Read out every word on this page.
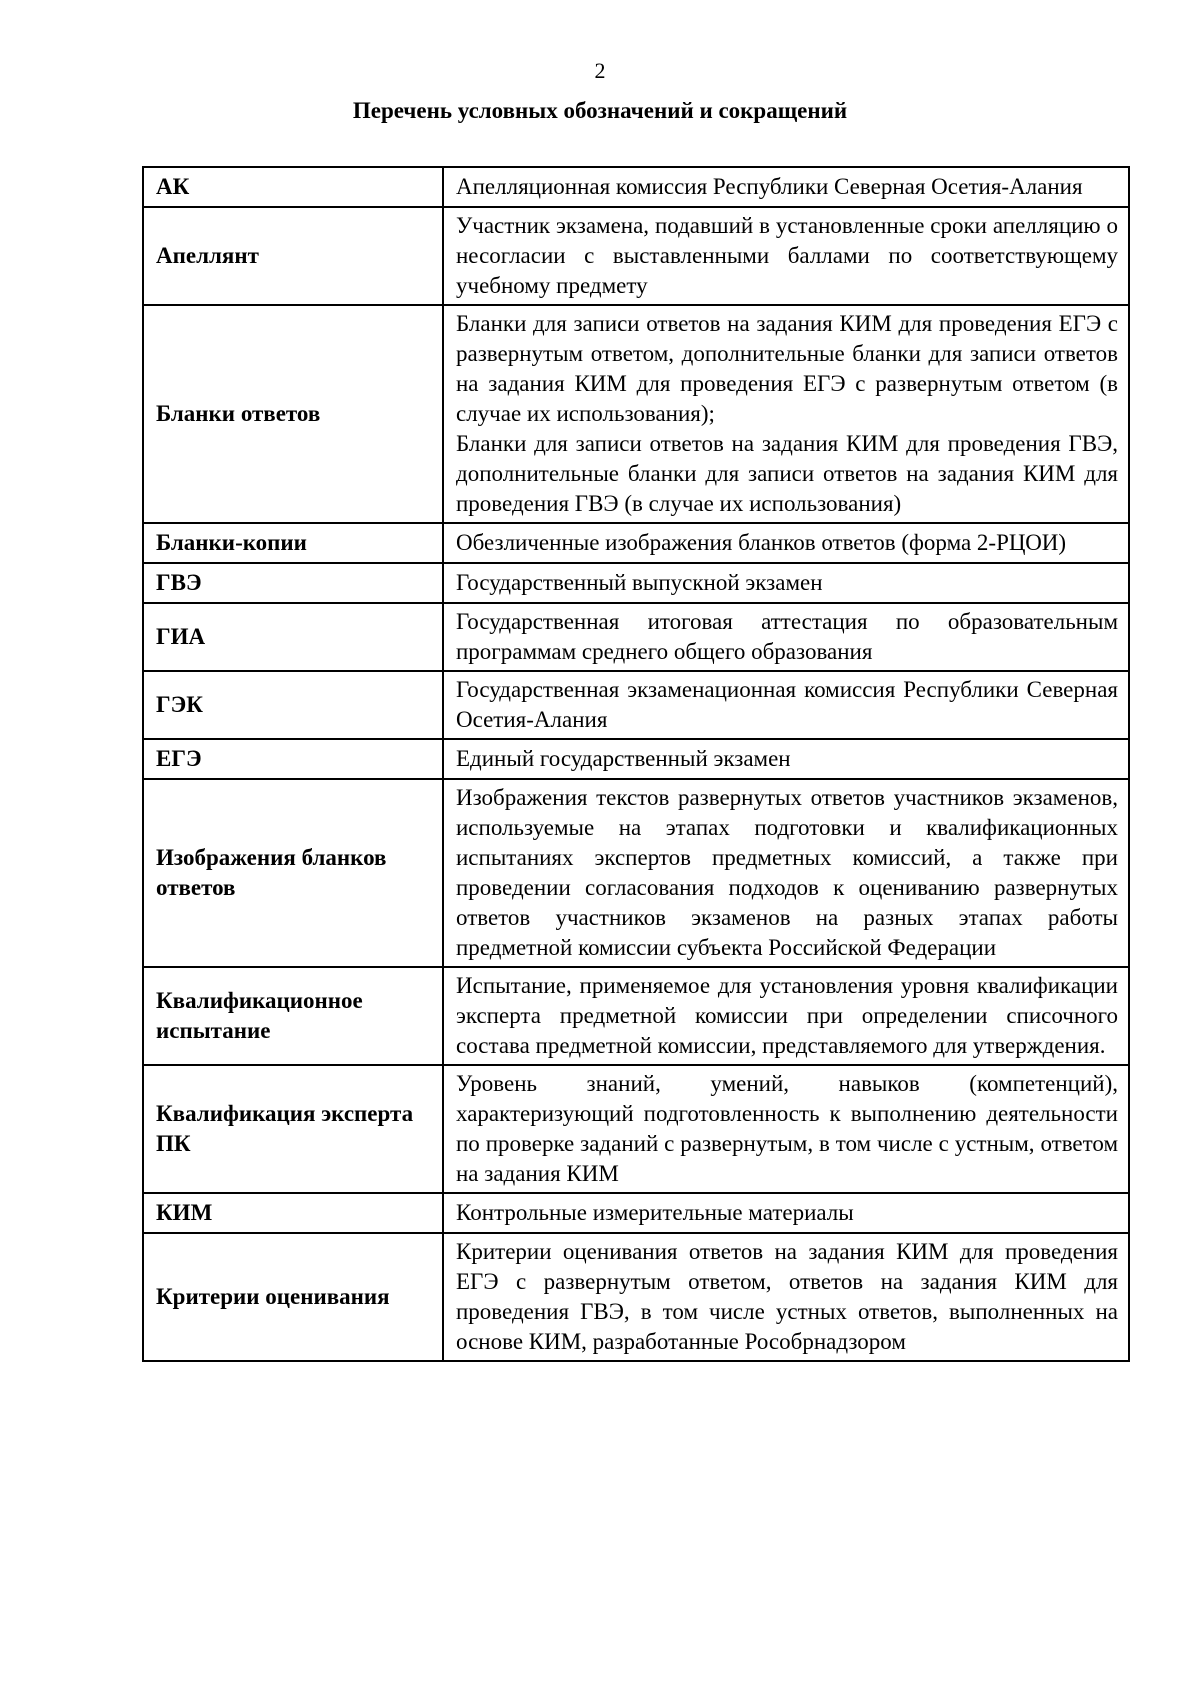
2
Перечень условных обозначений и сокращений
АК	Апелляционная комиссия Республики Северная Осетия-Алания

Апеллянт	Участник экзамена, подавший в установленные сроки апелляцию о несогласии с выставленными баллами по соответствующему учебному предмету

Бланки ответов	Бланки для записи ответов на задания КИМ для проведения ЕГЭ с развернутым ответом, дополнительные бланки для записи ответов на задания КИМ для проведения ЕГЭ с развернутым ответом (в случае их использования);
Бланки для записи ответов на задания КИМ для проведения ГВЭ, дополнительные бланки для записи ответов на задания КИМ для проведения ГВЭ (в случае их использования)

Бланки-копии	Обезличенные изображения бланков ответов (форма 2-РЦОИ)

ГВЭ	Государственный выпускной экзамен

ГИА	Государственная итоговая аттестация по образовательным программам среднего общего образования

ГЭК	Государственная экзаменационная комиссия Республики Северная Осетия-Алания

ЕГЭ	Единый государственный экзамен

Изображения бланков ответов	Изображения текстов развернутых ответов участников экзаменов, используемые на этапах подготовки и квалификационных испытаниях экспертов предметных комиссий, а также при проведении согласования подходов к оцениванию развернутых ответов участников экзаменов на разных этапах работы предметной комиссии субъекта Российской Федерации

Квалификационное испытание	Испытание, применяемое для установления уровня квалификации эксперта предметной комиссии при определении списочного состава предметной комиссии, представляемого для утверждения.

Квалификация эксперта ПК	Уровень знаний, умений, навыков (компетенций), характеризующий подготовленность к выполнению деятельности по проверке заданий с развернутым, в том числе с устным, ответом на задания КИМ

КИМ	Контрольные измерительные материалы

Критерии оценивания	Критерии оценивания ответов на задания КИМ для проведения ЕГЭ с развернутым ответом, ответов на задания КИМ для проведения ГВЭ, в том числе устных ответов, выполненных на основе КИМ, разработанные Рособрнадзором
